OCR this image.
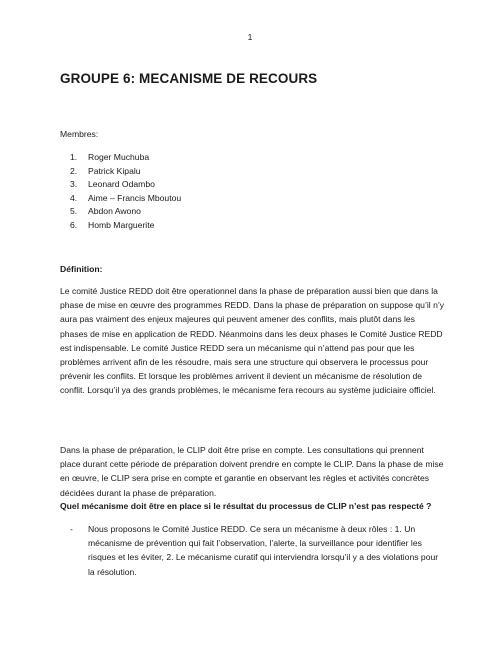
1
GROUPE 6: MECANISME DE RECOURS
Membres:
1. Roger Muchuba
2. Patrick Kipalu
3. Leonard Odambo
4. Aime – Francis Mboutou
5. Abdon Awono
6. Homb Marguerite
Définition:

Le comité Justice REDD doit être operationnel dans la phase de préparation aussi bien que dans la phase de mise en œuvre des programmes REDD. Dans la phase de préparation on suppose qu’il n’y aura pas vraiment des enjeux majeures qui peuvent amener des conflits, mais plutôt dans les phases de mise en application de REDD. Néanmoins dans les deux phases le Comité Justice REDD est indispensable. Le comité Justice REDD sera un mécanisme qui n’attend pas pour que les problèmes arrivent afin de les résoudre, mais sera une structure qui observera le processus pour prévenir les conflits. Et lorsque les problèmes arrivent il devient un mécanisme de résolution de conflit. Lorsqu’il ya des grands problèmes, le mécanisme fera recours au système judiciaire officiel.

Dans la phase de préparation, le CLIP doit être prise en compte. Les consultations qui prennent place durant cette période de préparation doivent prendre en compte le CLIP. Dans la phase de mise en œuvre, le CLIP sera prise en compte et garantie en observant les règles et activités concrètes décidées durant la phase de préparation.

Quel mécanisme doit être en place si le résultat du processus de CLIP n’est pas respecté ?
- Nous proposons le Comité Justice REDD. Ce sera un mécanisme à deux rôles : 1. Un mécanisme de prévention qui fait l’observation, l’alerte, la surveillance pour identifier les risques et les éviter, 2. Le mécanisme curatif qui interviendra lorsqu’il y a des violations pour la résolution.
